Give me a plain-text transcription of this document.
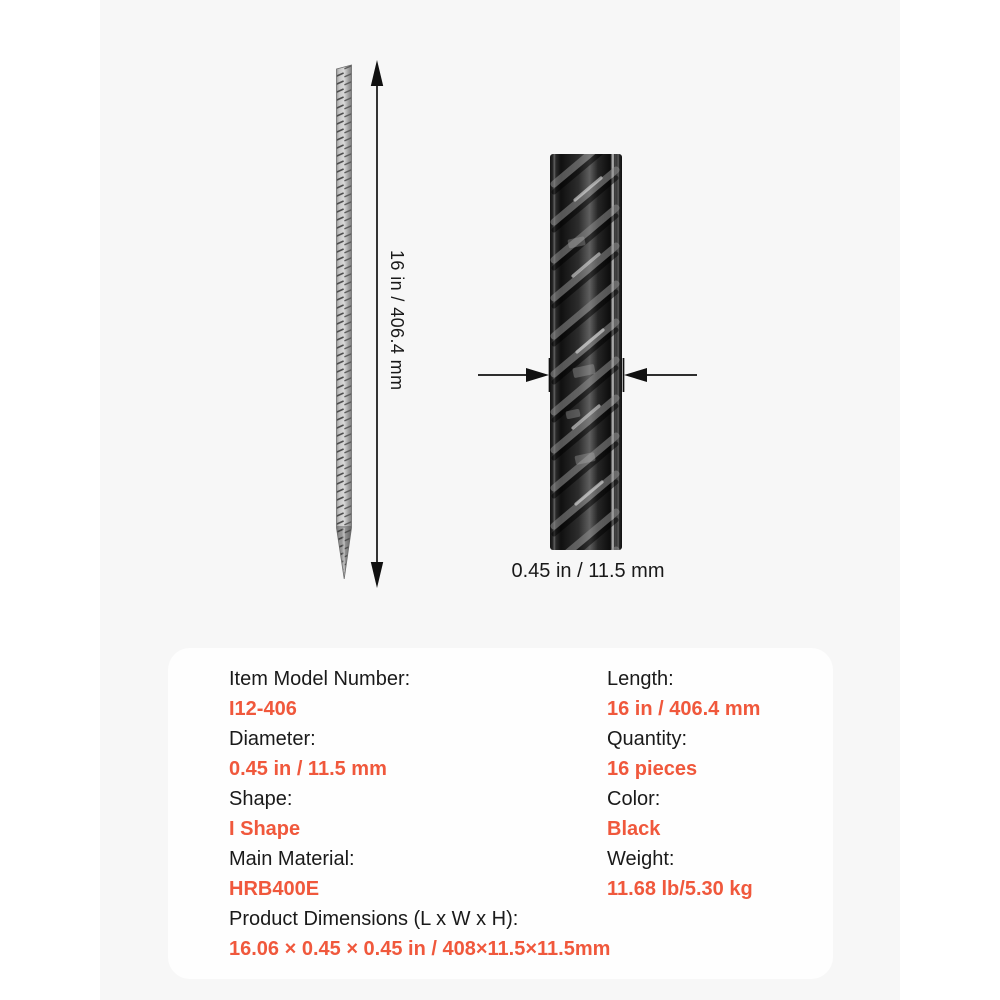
16 in / 406.4 mm
0.45 in / 11.5 mm
Item Model Number:
I12-406
Diameter:
0.45 in / 11.5 mm
Shape:
I Shape
Main Material:
HRB400E
Product Dimensions (L x W x H):
16.06 × 0.45 × 0.45 in / 408×11.5×11.5mm
Length:
16 in / 406.4 mm
Quantity:
16 pieces
Color:
Black
Weight:
11.68 lb/5.30 kg
